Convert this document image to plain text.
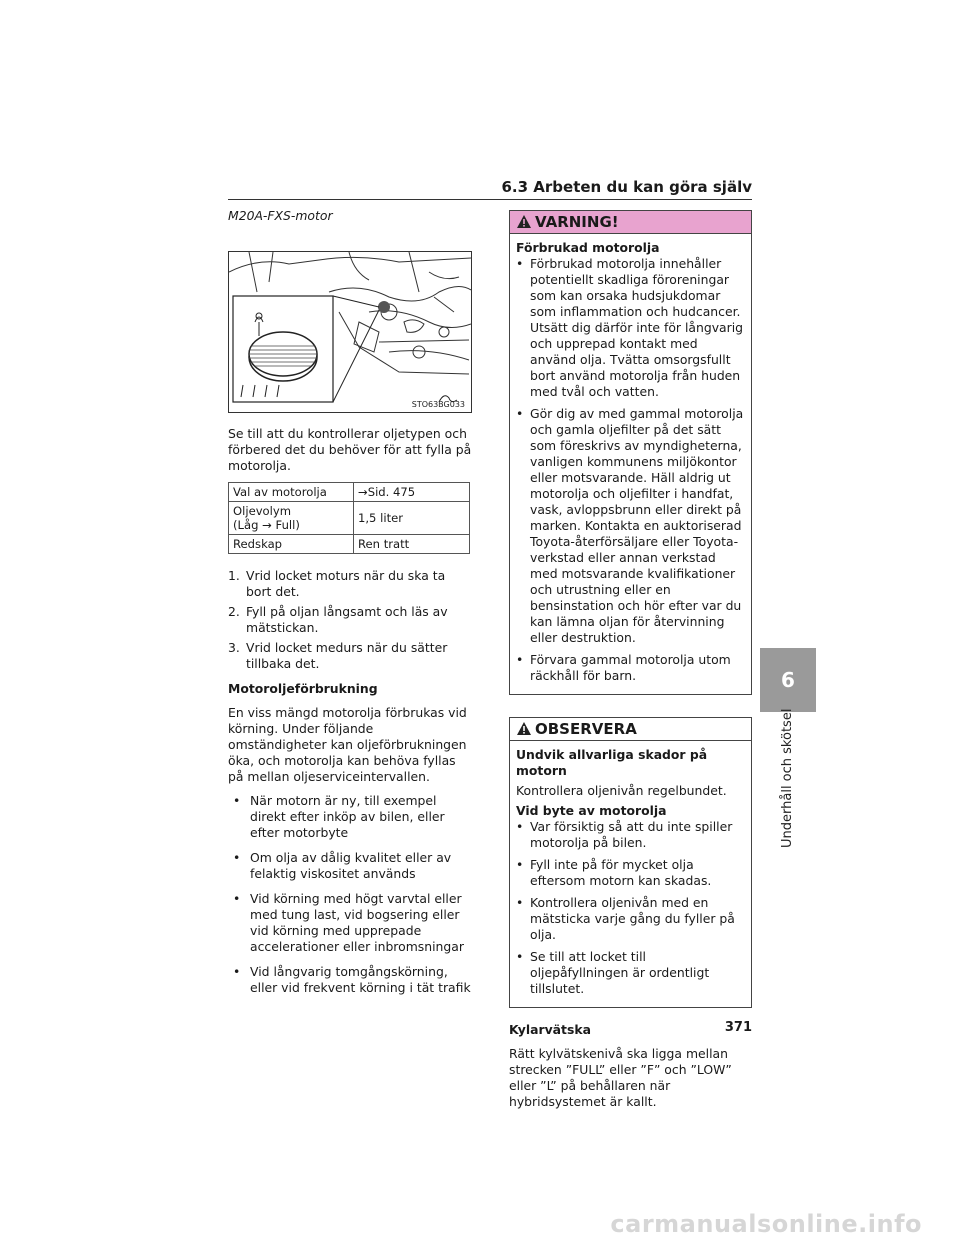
6.3 Arbeten du kan göra själv
M20A-FXS-motor
STO63BG033
Se till att du kontrollerar oljetypen och förbered det du behöver för att fylla på motorolja.
Val av motorolja	→Sid. 475
Oljevolym
(Låg → Full)	1,5 liter
Redskap	Ren tratt
1. Vrid locket moturs när du ska ta bort det.
2. Fyll på oljan långsamt och läs av mätstickan.
3. Vrid locket medurs när du sätter tillbaka det.
Motoroljeförbrukning
En viss mängd motorolja förbrukas vid körning. Under följande omständigheter kan oljeförbrukningen öka, och motorolja kan behöva fyllas på mellan oljeserviceintervallen.
• När motorn är ny, till exempel direkt efter inköp av bilen, eller efter motorbyte
• Om olja av dålig kvalitet eller av felaktig viskositet används
• Vid körning med högt varvtal eller med tung last, vid bogsering eller vid körning med upprepade accelerationer eller inbromsningar
• Vid långvarig tomgångskörning, eller vid frekvent körning i tät trafik
VARNING!
Förbrukad motorolja
• Förbrukad motorolja innehåller potentiellt skadliga föroreningar som kan orsaka hudsjukdomar som inflammation och hudcancer. Utsätt dig därför inte för långvarig och upprepad kontakt med använd olja. Tvätta omsorgsfullt bort använd motorolja från huden med tvål och vatten.
• Gör dig av med gammal motorolja och gamla oljefilter på det sätt som föreskrivs av myndigheterna, vanligen kommunens miljökontor eller motsvarande. Häll aldrig ut motorolja och oljefilter i handfat, vask, avloppsbrunn eller direkt på marken. Kontakta en auktoriserad Toyota-återförsäljare eller Toyota-verkstad eller annan verkstad med motsvarande kvalifikationer och utrustning eller en bensinstation och hör efter var du kan lämna oljan för återvinning eller destruktion.
• Förvara gammal motorolja utom räckhåll för barn.
OBSERVERA
Undvik allvarliga skador på motorn
Kontrollera oljenivån regelbundet.
Vid byte av motorolja
• Var försiktig så att du inte spiller motorolja på bilen.
• Fyll inte på för mycket olja eftersom motorn kan skadas.
• Kontrollera oljenivån med en mätsticka varje gång du fyller på olja.
• Se till att locket till oljepåfyllningen är ordentligt tillslutet.
Kylarvätska
Rätt kylvätskenivå ska ligga mellan strecken ”FULL” eller ”F” och ”LOW” eller ”L” på behållaren när hybridsystemet är kallt.
6
Underhåll och skötsel
371
carmanualsonline.info
